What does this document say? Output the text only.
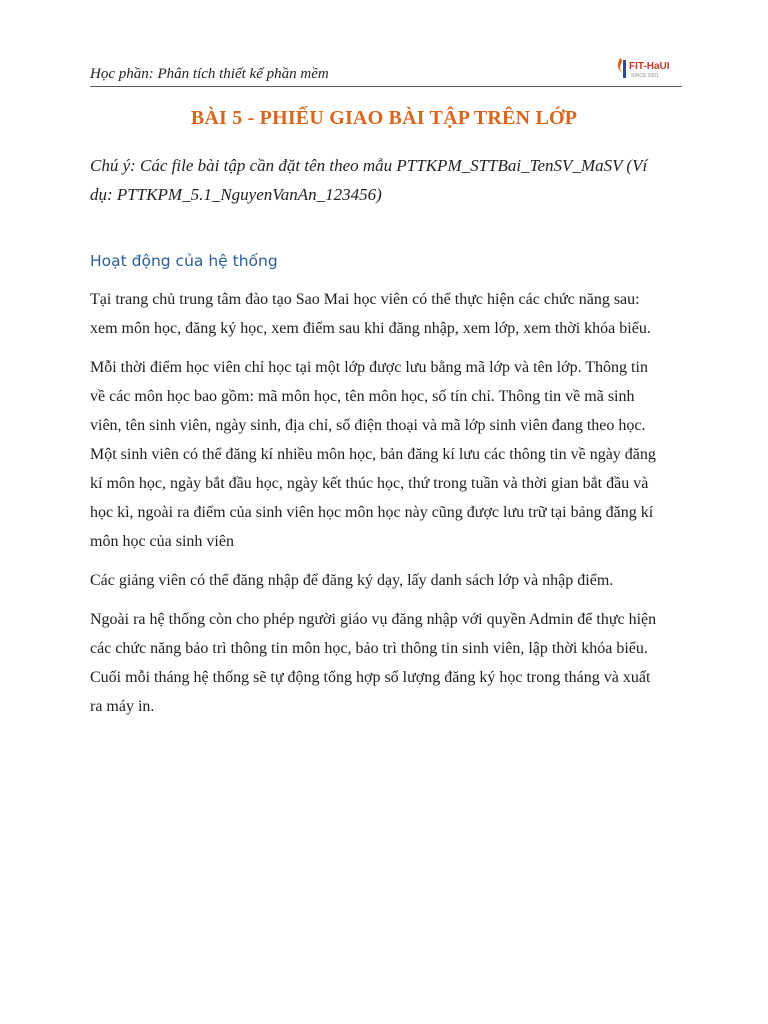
Học phần: Phân tích thiết kế phần mềm	FIT-HaUI
SINCE 2001
BÀI 5 - PHIẾU GIAO BÀI TẬP TRÊN LỚP
Chú ý: Các file bài tập cần đặt tên theo mẫu PTTKPM_STTBai_TenSV_MaSV (Ví
dụ: PTTKPM_5.1_NguyenVanAn_123456)
Hoạt động của hệ thống
Tại trang chủ trung tâm đào tạo Sao Mai học viên có thể thực hiện các chức năng sau:
xem môn học, đăng ký học, xem điểm sau khi đăng nhập, xem lớp, xem thời khóa biểu.
Mỗi thời điểm học viên chỉ học tại một lớp được lưu bằng mã lớp và tên lớp. Thông tin
về các môn học bao gồm: mã môn học, tên môn học, số tín chỉ. Thông tin về mã sinh
viên, tên sinh viên, ngày sinh, địa chỉ, số điện thoại và mã lớp sinh viên đang theo học.
Một sinh viên có thể đăng kí nhiều môn học, bản đăng kí lưu các thông tin về ngày đăng
kí môn học, ngày bắt đầu học, ngày kết thúc học, thứ trong tuần và thời gian bắt đầu và
học kì, ngoài ra điểm của sinh viên học môn học này cũng được lưu trữ tại bảng đăng kí
môn học của sinh viên
Các giảng viên có thể đăng nhập để đăng ký dạy, lấy danh sách lớp và nhập điểm.
Ngoài ra hệ thống còn cho phép người giáo vụ đăng nhập với quyền Admin để thực hiện
các chức năng bảo trì thông tin môn học, bảo trì thông tin sinh viên, lập thời khóa biểu.
Cuối mỗi tháng hệ thống sẽ tự động tổng hợp số lượng đăng ký học trong tháng và xuất
ra máy in.
